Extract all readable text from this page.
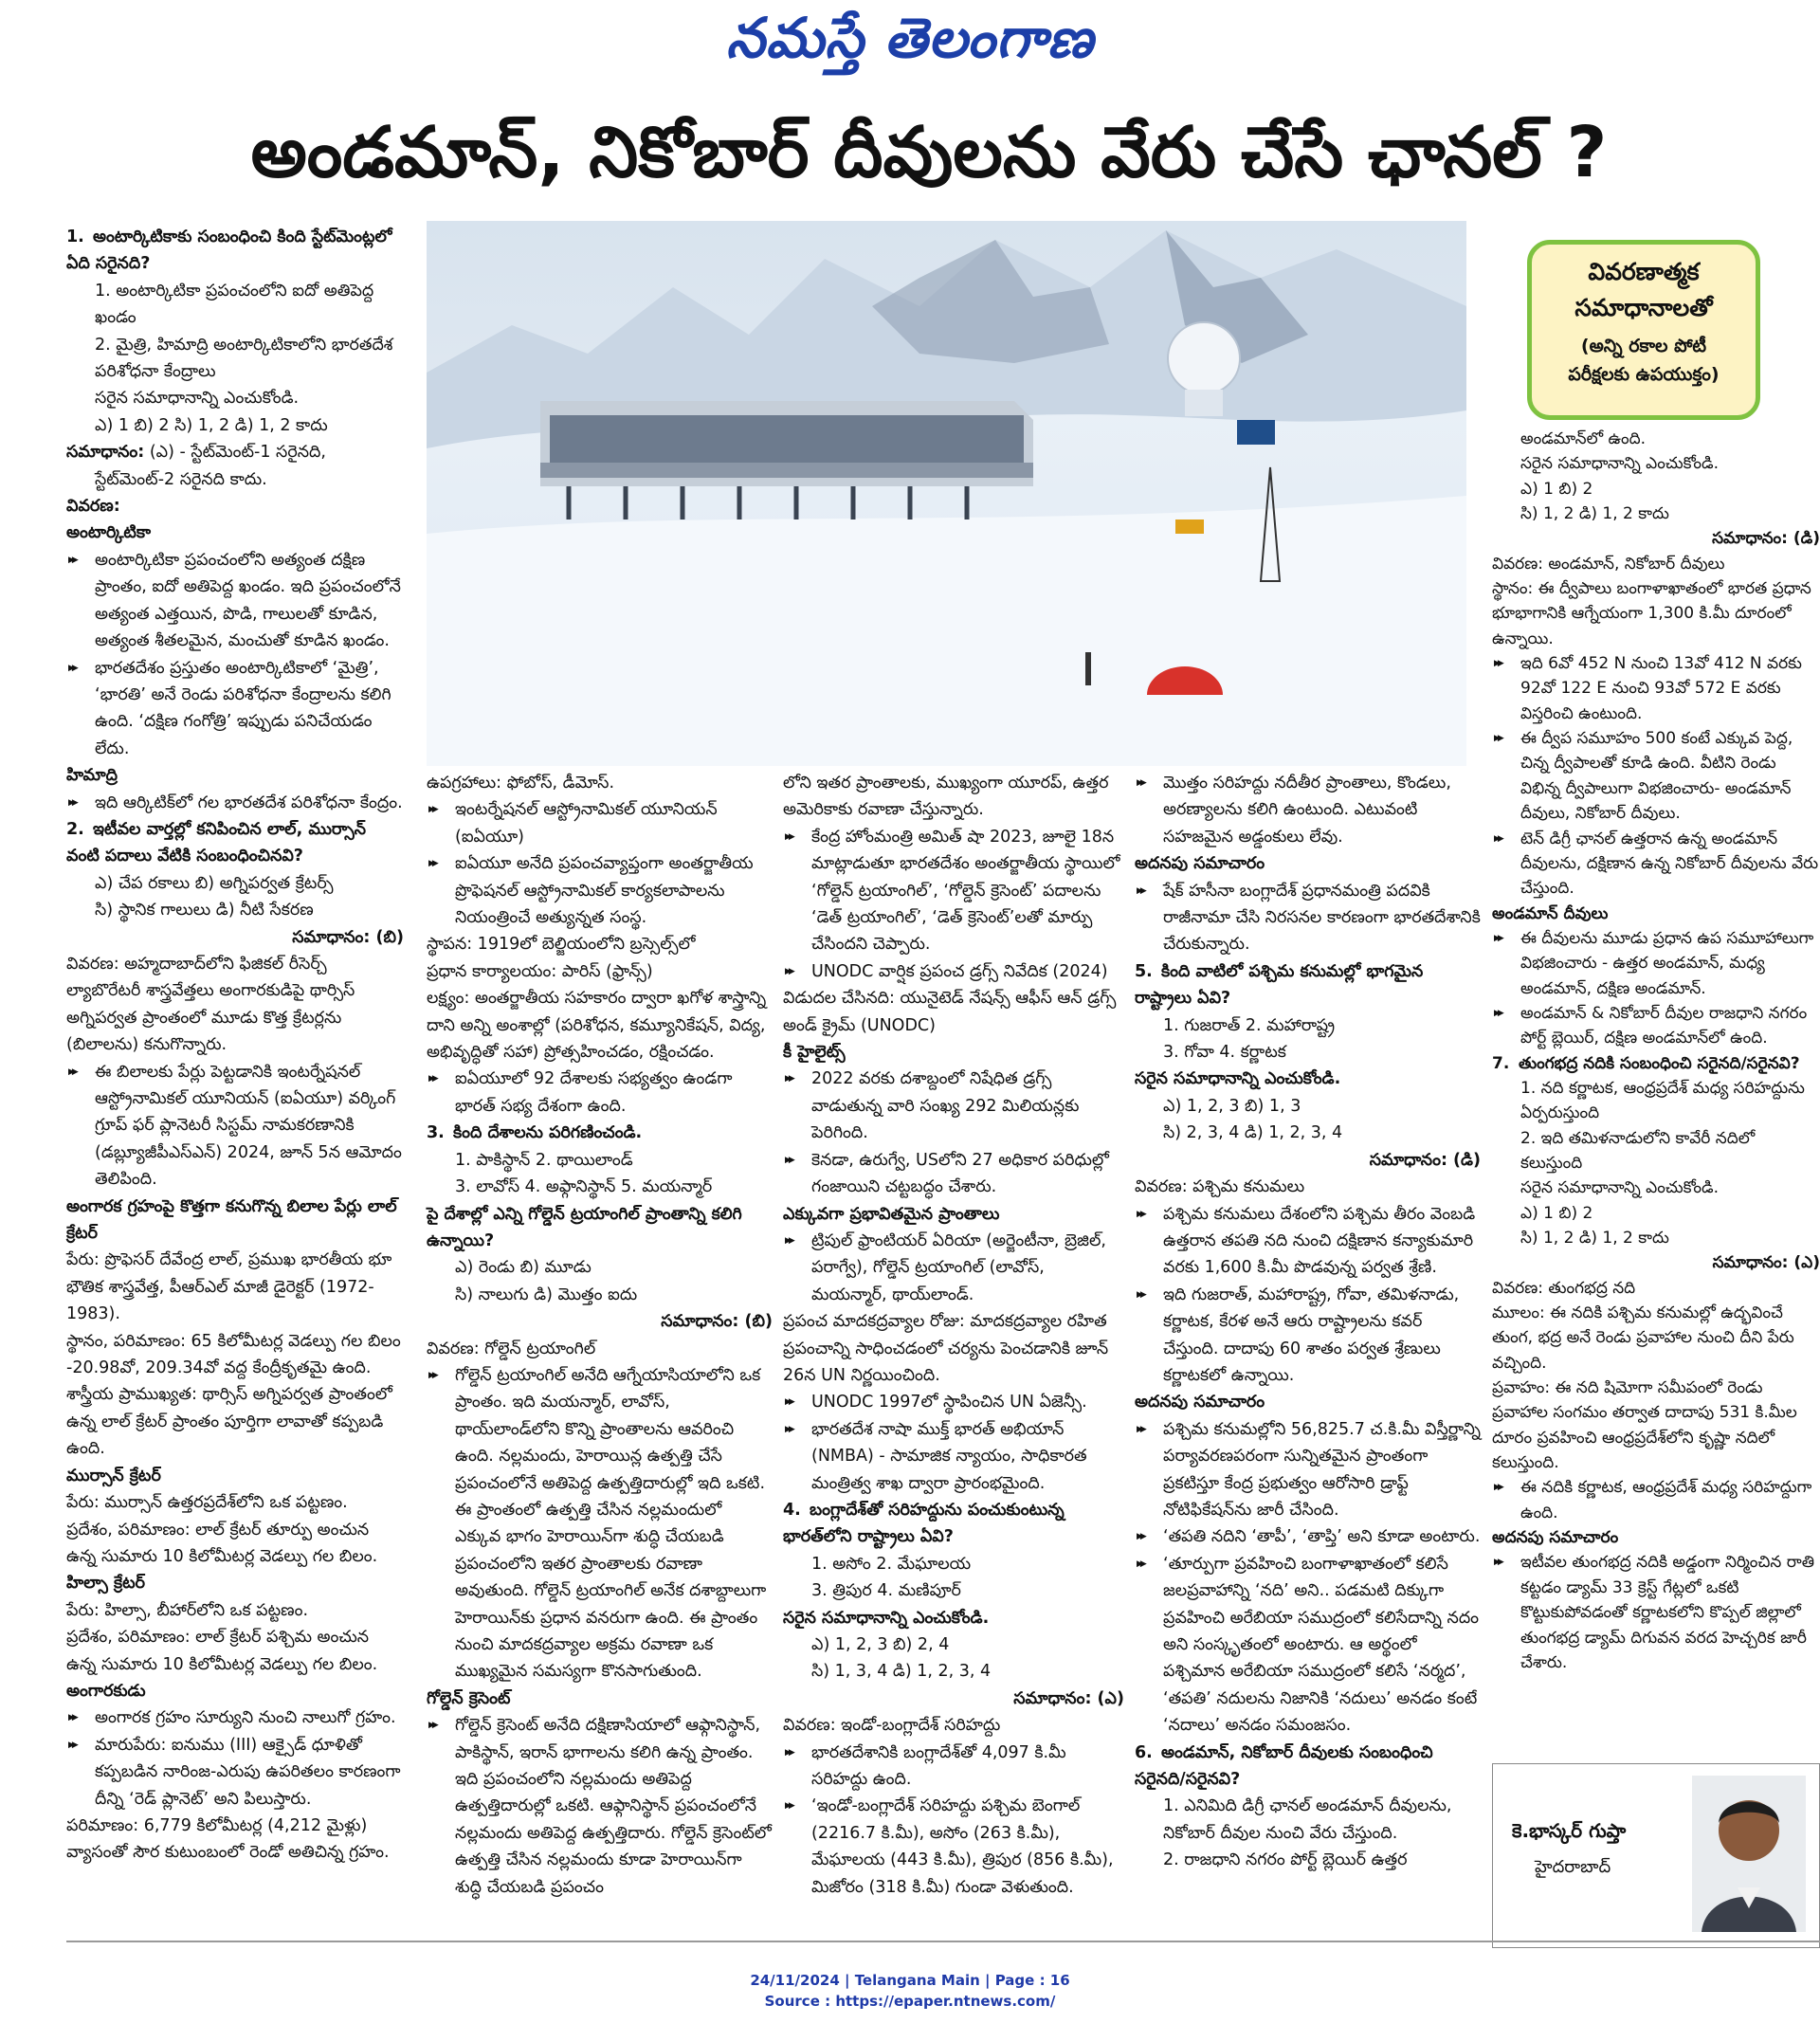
నమస్తే తెలంగాణ
అండమాన్, నికోబార్ దీవులను వేరు చేసే ఛానల్ ?
వివరణాత్మక
సమాధానాలతో
(అన్ని రకాల పోటీ
పరీక్షలకు ఉపయుక్తం)

1. అంటార్కిటికాకు సంబంధించి కింది స్టేట్‌మెంట్లలో ఏది సరైనది?

1. అంటార్కిటికా ప్రపంచంలోని ఐదో అతిపెద్ద ఖండం

2. మైత్రి, హిమాద్రి అంటార్కిటికాలోని భారతదేశ పరిశోధనా కేంద్రాలు

సరైన సమాధానాన్ని ఎంచుకోండి.

ఎ) 1 బి) 2 సి) 1, 2 డి) 1, 2 కాదు

సమాధానం: (ఎ) - స్టేట్‌మెంట్-1 సరైనది,

స్టేట్‌మెంట్-2 సరైనది కాదు.

వివరణ:

అంటార్కిటికా

▶▶ అంటార్కిటికా ప్రపంచంలోని అత్యంత దక్షిణ ప్రాంతం, ఐదో అతిపెద్ద ఖండం. ఇది ప్రపంచంలోనే అత్యంత ఎత్తయిన, పొడి, గాలులతో కూడిన, అత్యంత శీతలమైన, మంచుతో కూడిన ఖండం.

▶▶ భారతదేశం ప్రస్తుతం అంటార్కిటికాలో ‘మైత్రి’, ‘భారతి’ అనే రెండు పరిశోధనా కేంద్రాలను కలిగి ఉంది. ‘దక్షిణ గంగోత్రి’ ఇప్పుడు పనిచేయడం లేదు.

హిమాద్రి

▶▶ ఇది ఆర్కిటిక్‌లో గల భారతదేశ పరిశోధనా కేంద్రం.

2. ఇటీవల వార్తల్లో కనిపించిన లాల్, ముర్సాన్ వంటి పదాలు వేటికి సంబంధించినవి?

ఎ) చేప రకాలు బి) అగ్నిపర్వత క్రేటర్స్

సి) స్థానిక గాలులు డి) నీటి సేకరణ

సమాధానం: (బి)

వివరణ: అహ్మదాబాద్‌లోని ఫిజికల్ రీసెర్చ్ ల్యాబొరేటరీ శాస్త్రవేత్తలు అంగారకుడిపై థార్సిస్ అగ్నిపర్వత ప్రాంతంలో మూడు కొత్త క్రేటర్లను (బిలాలను) కనుగొన్నారు.

▶▶ ఈ బిలాలకు పేర్లు పెట్టడానికి ఇంటర్నేషనల్ ఆస్ట్రోనామికల్ యూనియన్ (ఐఏయూ) వర్కింగ్ గ్రూప్ ఫర్ ప్లానెటరీ సిస్టమ్ నామకరణానికి (డబ్ల్యూజీపీఎస్‌ఎన్) 2024, జూన్ 5న ఆమోదం తెలిపింది.

అంగారక గ్రహంపై కొత్తగా కనుగొన్న బిలాల పేర్లు లాల్ క్రేటర్

పేరు: ప్రొఫెసర్ దేవేంద్ర లాల్, ప్రముఖ భారతీయ భూ భౌతిక శాస్త్రవేత్త, పీఆర్‌ఎల్ మాజీ డైరెక్టర్ (1972-1983).

స్థానం, పరిమాణం: 65 కిలోమీటర్ల వెడల్పు గల బిలం -20.98వో, 209.34వో వద్ద కేంద్రీకృతమై ఉంది.

శాస్త్రీయ ప్రాముఖ్యత: థార్సిస్ అగ్నిపర్వత ప్రాంతంలో ఉన్న లాల్ క్రేటర్ ప్రాంతం పూర్తిగా లావాతో కప్పబడి ఉంది.

ముర్సాన్ క్రేటర్

పేరు: ముర్సాన్ ఉత్తరప్రదేశ్‌లోని ఒక పట్టణం.

ప్రదేశం, పరిమాణం: లాల్ క్రేటర్ తూర్పు అంచున ఉన్న సుమారు 10 కిలోమీటర్ల వెడల్పు గల బిలం.

హిల్సా క్రేటర్

పేరు: హిల్సా, బీహార్‌లోని ఒక పట్టణం.

ప్రదేశం, పరిమాణం: లాల్ క్రేటర్ పశ్చిమ అంచున ఉన్న సుమారు 10 కిలోమీటర్ల వెడల్పు గల బిలం.

అంగారకుడు

▶▶ అంగారక గ్రహం సూర్యుని నుంచి నాలుగో గ్రహం.

▶▶ మారుపేరు: ఐనుము (III) ఆక్సైడ్ ధూళితో కప్పబడిన నారింజ-ఎరుపు ఉపరితలం కారణంగా దీన్ని ‘రెడ్ ప్లానెట్’ అని పిలుస్తారు.

పరిమాణం: 6,779 కిలోమీటర్ల (4,212 మైళ్లు) వ్యాసంతో సౌర కుటుంబంలో రెండో అతిచిన్న గ్రహం.

ఉపగ్రహాలు: ఫోబోస్, డీమోస్.

▶▶ ఇంటర్నేషనల్ ఆస్ట్రోనామికల్ యూనియన్ (ఐఏయూ)

▶▶ ఐఏయూ అనేది ప్రపంచవ్యాప్తంగా అంతర్జాతీయ ప్రొఫెషనల్ ఆస్ట్రోనామికల్ కార్యకలాపాలను నియంత్రించే అత్యున్నత సంస్థ.

స్థాపన: 1919లో బెల్జియంలోని బ్రస్సెల్స్‌లో

ప్రధాన కార్యాలయం: పారిస్ (ఫ్రాన్స్)

లక్ష్యం: అంతర్జాతీయ సహకారం ద్వారా ఖగోళ శాస్త్రాన్ని దాని అన్ని అంశాల్లో (పరిశోధన, కమ్యూనికేషన్, విద్య, అభివృద్ధితో సహా) ప్రోత్సహించడం, రక్షించడం.

▶▶ ఐఏయూలో 92 దేశాలకు సభ్యత్వం ఉండగా భారత్ సభ్య దేశంగా ఉంది.

3. కింది దేశాలను పరిగణించండి.

1. పాకిస్థాన్ 2. థాయిలాండ్

3. లావోస్ 4. అఫ్గానిస్థాన్ 5. మయన్మార్

పై దేశాల్లో ఎన్ని గోల్డెన్ ట్రయాంగిల్ ప్రాంతాన్ని కలిగి ఉన్నాయి?

ఎ) రెండు బి) మూడు

సి) నాలుగు డి) మొత్తం ఐదు

సమాధానం: (బి)

వివరణ: గోల్డెన్ ట్రయాంగిల్

▶▶ గోల్డెన్ ట్రయాంగిల్ అనేది ఆగ్నేయాసియాలోని ఒక ప్రాంతం. ఇది మయన్మార్, లావోస్, థాయ్‌లాండ్‌లోని కొన్ని ప్రాంతాలను ఆవరించి ఉంది. నల్లమందు, హెరాయిన్ల ఉత్పత్తి చేసే ప్రపంచంలోనే అతిపెద్ద ఉత్పత్తిదారుల్లో ఇది ఒకటి. ఈ ప్రాంతంలో ఉత్పత్తి చేసిన నల్లమందులో ఎక్కువ భాగం హెరాయిన్‌గా శుద్ధి చేయబడి ప్రపంచంలోని ఇతర ప్రాంతాలకు రవాణా అవుతుంది. గోల్డెన్ ట్రయాంగిల్ అనేక దశాబ్దాలుగా హెరాయిన్‌కు ప్రధాన వనరుగా ఉంది. ఈ ప్రాంతం నుంచి మాదకద్రవ్యాల అక్రమ రవాణా ఒక ముఖ్యమైన సమస్యగా కొనసాగుతుంది.

గోల్డెన్ క్రెసెంట్

▶▶ గోల్డెన్ క్రెసెంట్ అనేది దక్షిణాసియాలో ఆఫ్గానిస్థాన్, పాకిస్థాన్, ఇరాన్ భాగాలను కలిగి ఉన్న ప్రాంతం. ఇది ప్రపంచంలోని నల్లమందు అతిపెద్ద ఉత్పత్తిదారుల్లో ఒకటి. ఆఫ్గానిస్థాన్ ప్రపంచంలోనే నల్లమందు అతిపెద్ద ఉత్పత్తిదారు. గోల్డెన్ క్రెసెంట్‌లో ఉత్పత్తి చేసిన నల్లమందు కూడా హెరాయిన్‌గా శుద్ధి చేయబడి ప్రపంచం

లోని ఇతర ప్రాంతాలకు, ముఖ్యంగా యూరప్, ఉత్తర అమెరికాకు రవాణా చేస్తున్నారు.

▶▶ కేంద్ర హోంమంత్రి అమిత్ షా 2023, జూలై 18న మాట్లాడుతూ భారతదేశం అంతర్జాతీయ స్థాయిలో ‘గోల్డెన్ ట్రయాంగిల్’, ‘గోల్డెన్ క్రెసెంట్’ పదాలను ‘డెత్ ట్రయాంగిల్’, ‘డెత్ క్రెసెంట్’లతో మార్పు చేసిందని చెప్పారు.

▶▶ UNODC వార్షిక ప్రపంచ డ్రగ్స్ నివేదిక (2024)

విడుదల చేసినది: యునైటెడ్ నేషన్స్ ఆఫీస్ ఆన్ డ్రగ్స్ అండ్ క్రైమ్ (UNODC)

కీ హైలైట్స్

▶▶ 2022 వరకు దశాబ్దంలో నిషేధిత డ్రగ్స్ వాడుతున్న వారి సంఖ్య 292 మిలియన్లకు పెరిగింది.

▶▶ కెనడా, ఉరుగ్వే, USలోని 27 అధికార పరిధుల్లో గంజాయిని చట్టబద్ధం చేశారు.

ఎక్కువగా ప్రభావితమైన ప్రాంతాలు

▶▶ ట్రిపుల్ ఫ్రాంటియర్ ఏరియా (అర్జెంటీనా, బ్రెజిల్, పరాగ్వే), గోల్డెన్ ట్రయాంగిల్ (లావోస్, మయన్మార్, థాయ్‌లాండ్.

ప్రపంచ మాదకద్రవ్యాల రోజు: మాదకద్రవ్యాల రహిత ప్రపంచాన్ని సాధించడంలో చర్యను పెంచడానికి జూన్ 26న UN నిర్ణయించింది.

▶▶ UNODC 1997లో స్థాపించిన UN ఏజెన్సీ.

▶▶ భారతదేశ నాషా ముక్త్ భారత్ అభియాన్ (NMBA) - సామాజిక న్యాయం, సాధికారత మంత్రిత్వ శాఖ ద్వారా ప్రారంభమైంది.

4. బంగ్లాదేశ్‌తో సరిహద్దును పంచుకుంటున్న భారత్‌లోని రాష్ట్రాలు ఏవి?

1. అసోం 2. మేఘాలయ

3. త్రిపుర 4. మణిపూర్

సరైన సమాధానాన్ని ఎంచుకోండి.

ఎ) 1, 2, 3 బి) 2, 4

సి) 1, 3, 4 డి) 1, 2, 3, 4

సమాధానం: (ఎ)

వివరణ: ఇండో-బంగ్లాదేశ్ సరిహద్దు

▶▶ భారతదేశానికి బంగ్లాదేశ్‌తో 4,097 కి.మీ సరిహద్దు ఉంది.

▶▶ ‘ఇండో-బంగ్లాదేశ్ సరిహద్దు పశ్చిమ బెంగాల్ (2216.7 కి.మీ), అసోం (263 కి.మీ), మేఘాలయ (443 కి.మీ), త్రిపుర (856 కి.మీ), మిజోరం (318 కి.మీ) గుండా వెళుతుంది.

▶▶ మొత్తం సరిహద్దు నదీతీర ప్రాంతాలు, కొండలు, అరణ్యాలను కలిగి ఉంటుంది. ఎటువంటి సహజమైన అడ్డంకులు లేవు.

అదనపు సమాచారం

▶▶ షేక్ హసీనా బంగ్లాదేశ్ ప్రధానమంత్రి పదవికి రాజీనామా చేసి నిరసనల కారణంగా భారతదేశానికి చేరుకున్నారు.

5. కింది వాటిలో పశ్చిమ కనుమల్లో భాగమైన రాష్ట్రాలు ఏవి?

1. గుజరాత్ 2. మహారాష్ట్ర

3. గోవా 4. కర్ణాటక

సరైన సమాధానాన్ని ఎంచుకోండి.

ఎ) 1, 2, 3 బి) 1, 3

సి) 2, 3, 4 డి) 1, 2, 3, 4

సమాధానం: (డి)

వివరణ: పశ్చిమ కనుమలు

▶▶ పశ్చిమ కనుమలు దేశంలోని పశ్చిమ తీరం వెంబడి ఉత్తరాన తపతి నది నుంచి దక్షిణాన కన్యాకుమారి వరకు 1,600 కి.మీ పొడవున్న పర్వత శ్రేణి.

▶▶ ఇది గుజరాత్, మహారాష్ట్ర, గోవా, తమిళనాడు, కర్ణాటక, కేరళ అనే ఆరు రాష్ట్రాలను కవర్ చేస్తుంది. దాదాపు 60 శాతం పర్వత శ్రేణులు కర్ణాటకలో ఉన్నాయి.

అదనపు సమాచారం

▶▶ పశ్చిమ కనుమల్లోని 56,825.7 చ.కి.మీ విస్తీర్ణాన్ని పర్యావరణపరంగా సున్నితమైన ప్రాంతంగా ప్రకటిస్తూ కేంద్ర ప్రభుత్వం ఆరోసారి డ్రాఫ్ట్ నోటిఫికేషన్‌ను జారీ చేసింది.

▶▶ ‘తపతి నదిని ‘తాపీ’, ‘తాప్తి’ అని కూడా అంటారు.

▶▶ ‘తూర్పుగా ప్రవహించి బంగాళాఖాతంలో కలిసే జలప్రవాహాన్ని ‘నది’ అని.. పడమటి దిక్కుగా ప్రవహించి అరేబియా సముద్రంలో కలిసేదాన్ని నదం అని సంస్కృతంలో అంటారు. ఆ అర్థంలో పశ్చిమాన అరేబియా సముద్రంలో కలిసే ‘నర్మద’, ‘తపతి’ నదులను నిజానికి ‘నదులు’ అనడం కంటే ‘నదాలు’ అనడం సమంజసం.

6. అండమాన్, నికోబార్ దీవులకు సంబంధించి సరైనది/సరైనవి?

1. ఎనిమిది డిగ్రీ ఛానల్ అండమాన్ దీవులను, నికోబార్ దీవుల నుంచి వేరు చేస్తుంది.

2. రాజధాని నగరం పోర్ట్ బ్లెయిర్ ఉత్తర

అండమాన్‌లో ఉంది.

సరైన సమాధానాన్ని ఎంచుకోండి.

ఎ) 1 బి) 2

సి) 1, 2 డి) 1, 2 కాదు

సమాధానం: (డి)

వివరణ: అండమాన్, నికోబార్ దీవులు

స్థానం: ఈ ద్వీపాలు బంగాళాఖాతంలో భారత ప్రధాన భూభాగానికి ఆగ్నేయంగా 1,300 కి.మీ దూరంలో ఉన్నాయి.

▶▶ ఇది 6వో 452 N నుంచి 13వో 412 N వరకు 92వో 122 E నుంచి 93వో 572 E వరకు విస్తరించి ఉంటుంది.

▶▶ ఈ ద్వీప సమూహం 500 కంటే ఎక్కువ పెద్ద, చిన్న ద్వీపాలతో కూడి ఉంది. వీటిని రెండు విభిన్న ద్వీపాలుగా విభజించారు- అండమాన్ దీవులు, నికోబార్ దీవులు.

▶▶ టెన్ డిగ్రీ ఛానల్ ఉత్తరాన ఉన్న అండమాన్ దీవులను, దక్షిణాన ఉన్న నికోబార్ దీవులను వేరు చేస్తుంది.

అండమాన్ దీవులు

▶▶ ఈ దీవులను మూడు ప్రధాన ఉప సమూహాలుగా విభజించారు - ఉత్తర అండమాన్, మధ్య అండమాన్, దక్షిణ అండమాన్.

▶▶ అండమాన్ & నికోబార్ దీవుల రాజధాని నగరం పోర్ట్ బ్లెయిర్, దక్షిణ అండమాన్‌లో ఉంది.

7. తుంగభద్ర నదికి సంబంధించి సరైనది/సరైనవి?

1. నది కర్ణాటక, ఆంధ్రప్రదేశ్ మధ్య సరిహద్దును ఏర్పరుస్తుంది

2. ఇది తమిళనాడులోని కావేరీ నదిలో కలుస్తుంది

సరైన సమాధానాన్ని ఎంచుకోండి.

ఎ) 1 బి) 2

సి) 1, 2 డి) 1, 2 కాదు

సమాధానం: (ఎ)

వివరణ: తుంగభద్ర నది

మూలం: ఈ నదికి పశ్చిమ కనుమల్లో ఉద్భవించే తుంగ, భద్ర అనే రెండు ప్రవాహాల నుంచి దీని పేరు వచ్చింది.

ప్రవాహం: ఈ నది షిమోగా సమీపంలో రెండు ప్రవాహాల సంగమం తర్వాత దాదాపు 531 కి.మీల దూరం ప్రవహించి ఆంధ్రప్రదేశ్‌లోని కృష్ణా నదిలో కలుస్తుంది.

▶▶ ఈ నదికి కర్ణాటక, ఆంధ్రప్రదేశ్ మధ్య సరిహద్దుగా ఉంది.

అదనపు సమాచారం

▶▶ ఇటీవల తుంగభద్ర నదికి అడ్డంగా నిర్మించిన రాతి కట్టడం డ్యామ్ 33 క్రెస్ట్ గేట్లలో ఒకటి కొట్టుకుపోవడంతో కర్ణాటకలోని కొప్పల్ జిల్లాలో తుంగభద్ర డ్యామ్ దిగువన వరద హెచ్చరిక జారీ చేశారు.

కె.భాస్కర్ గుప్తా
హైదరాబాద్
24/11/2024 | Telangana Main | Page : 16
Source : https://epaper.ntnews.com/
